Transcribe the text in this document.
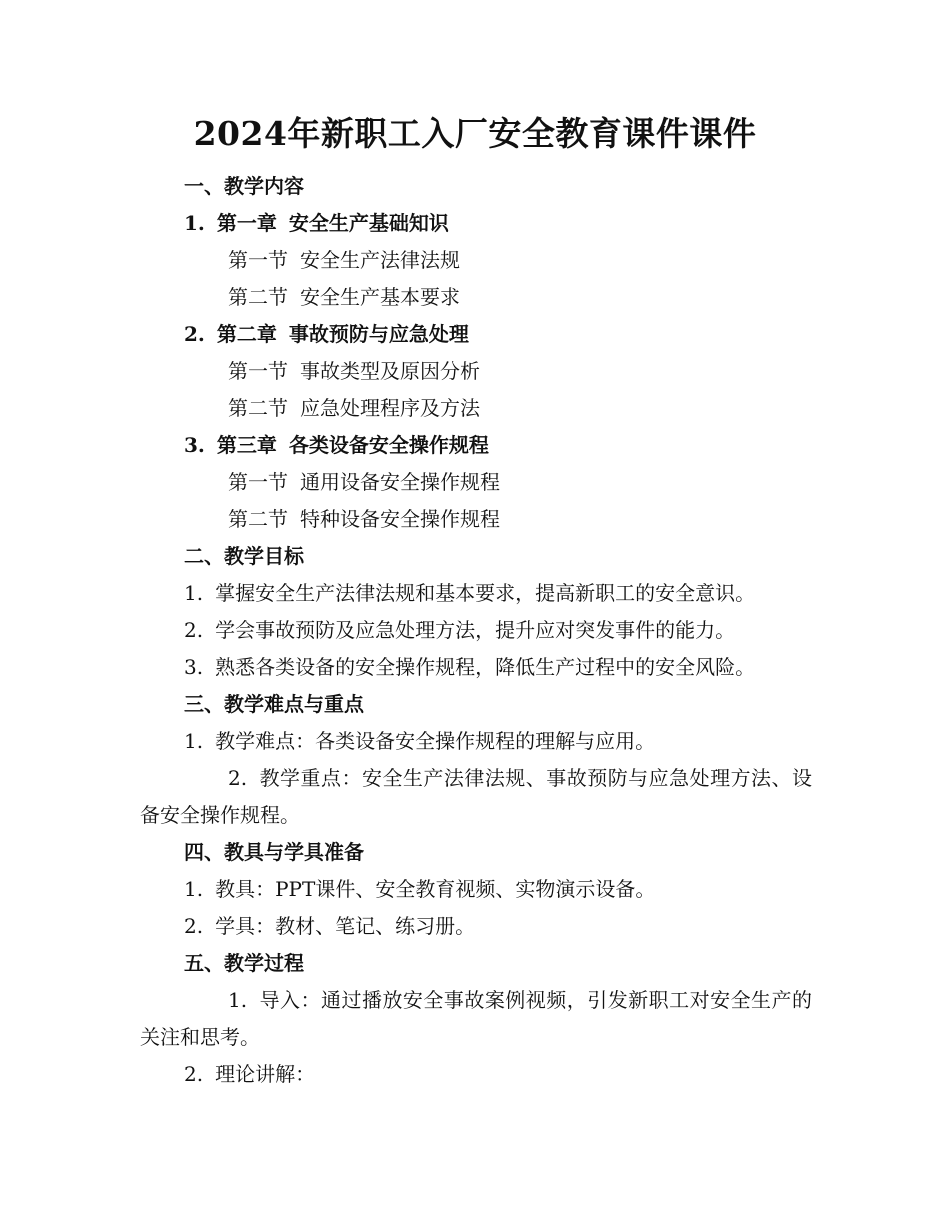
2024年新职工入厂安全教育课件课件

一、教学内容

1. 第一章 安全生产基础知识

第一节 安全生产法律法规

第二节 安全生产基本要求

2. 第二章 事故预防与应急处理

第一节 事故类型及原因分析

第二节 应急处理程序及方法

3. 第三章 各类设备安全操作规程

第一节 通用设备安全操作规程

第二节 特种设备安全操作规程

二、教学目标

1. 掌握安全生产法律法规和基本要求，提高新职工的安全意识。

2. 学会事故预防及应急处理方法，提升应对突发事件的能力。

3. 熟悉各类设备的安全操作规程，降低生产过程中的安全风险。

三、教学难点与重点

1. 教学难点：各类设备安全操作规程的理解与应用。

2. 教学重点：安全生产法律法规、事故预防与应急处理方法、设备安全操作规程。

四、教具与学具准备

1. 教具：PPT课件、安全教育视频、实物演示设备。

2. 学具：教材、笔记、练习册。

五、教学过程

1. 导入：通过播放安全事故案例视频，引发新职工对安全生产的关注和思考。

2. 理论讲解：
